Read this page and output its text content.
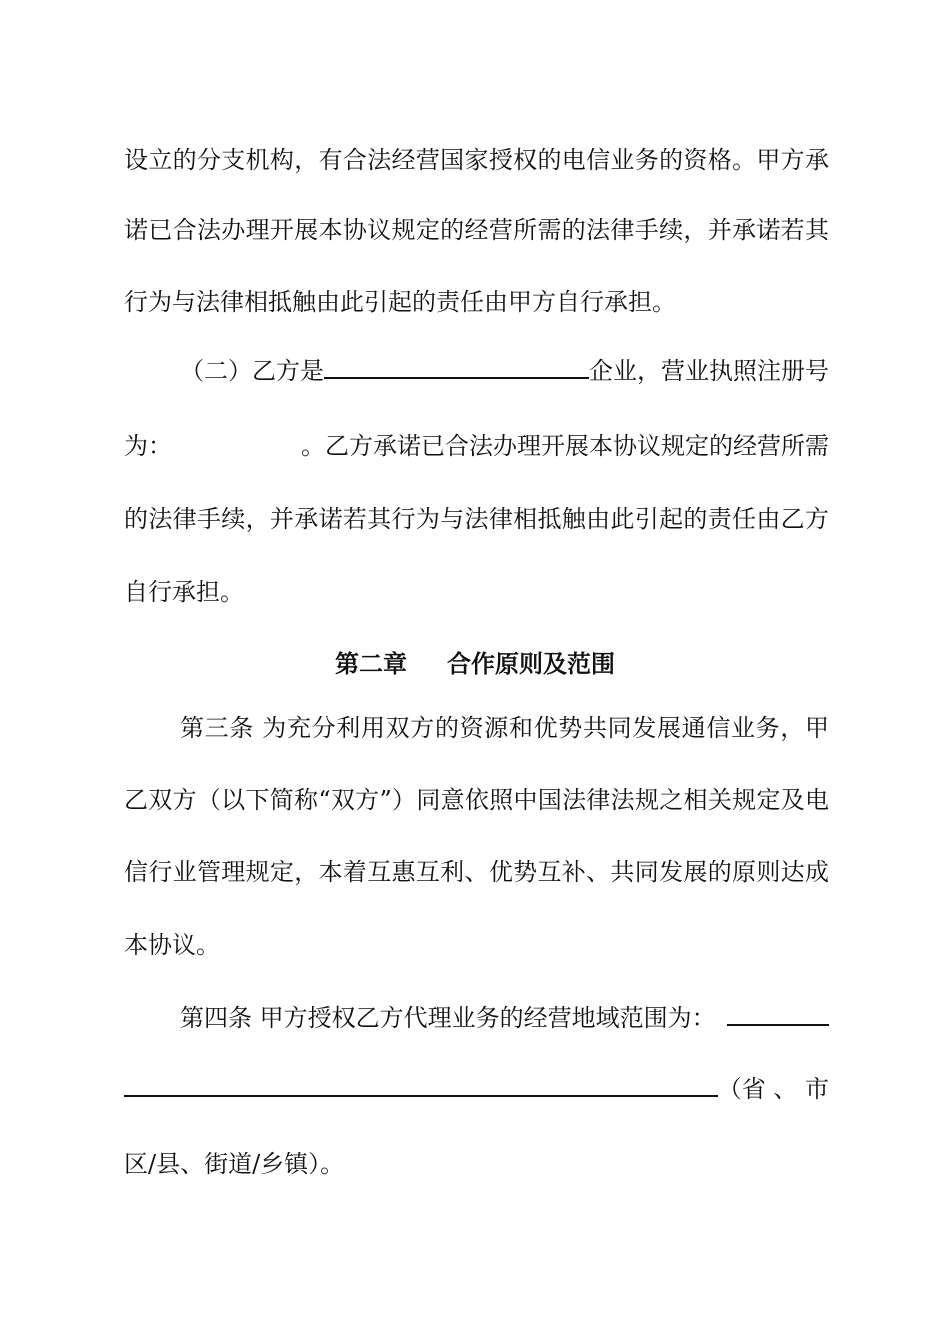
设立的分支机构，有合法经营国家授权的电信业务的资格。甲方承

诺已合法办理开展本协议规定的经营所需的法律手续，并承诺若其

行为与法律相抵触由此引起的责任由甲方自行承担。

（二）乙方是	企业，营业执照注册号

为：	。乙方承诺已合法办理开展本协议规定的经营所需

的法律手续，并承诺若其行为与法律相抵触由此引起的责任由乙方

自行承担。

第二章 合作原则及范围

第三条 为充分利用双方的资源和优势共同发展通信业务，甲

乙双方（以下简称“双方”）同意依照中国法律法规之相关规定及电

信行业管理规定，本着互惠互利、优势互补、共同发展的原则达成

本协议。

第四条 甲方授权乙方代理业务的经营地域范围为：

（省 、 市

区/县、街道/乡镇）。
